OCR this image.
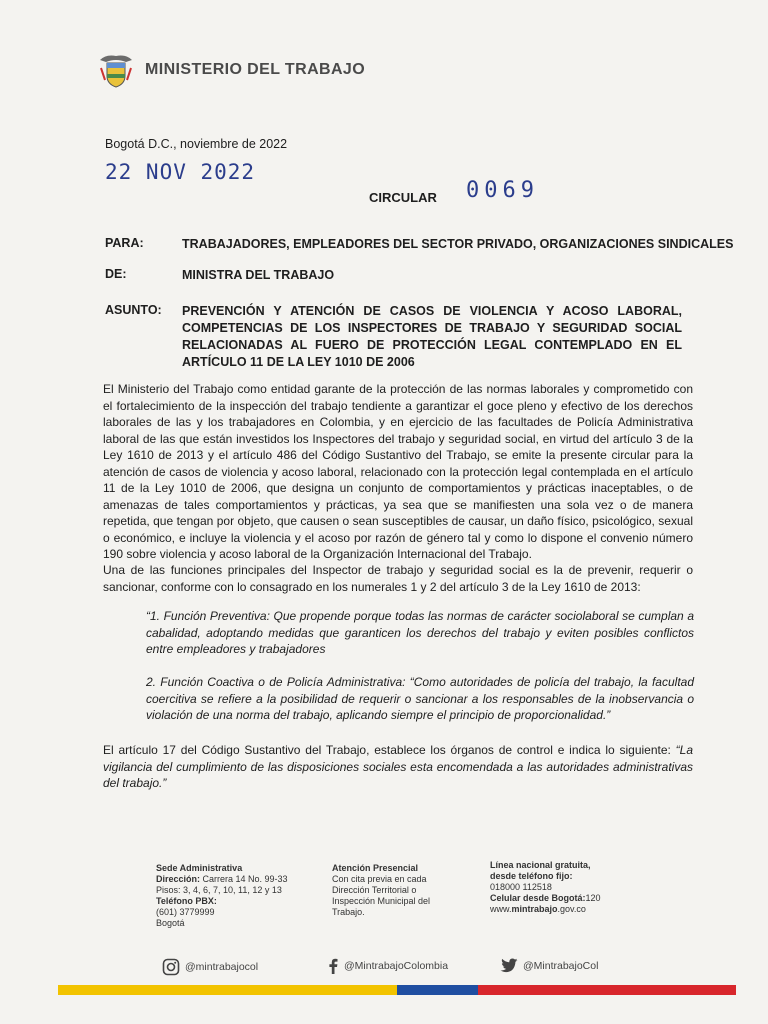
MINISTERIO DEL TRABAJO
Bogotá D.C., noviembre de 2022
22 NOV 2022
CIRCULAR 0069
PARA:	TRABAJADORES, EMPLEADORES DEL SECTOR PRIVADO, ORGANIZACIONES SINDICALES
DE:	MINISTRA DEL TRABAJO
ASUNTO:	PREVENCIÓN Y ATENCIÓN DE CASOS DE VIOLENCIA Y ACOSO LABORAL, COMPETENCIAS DE LOS INSPECTORES DE TRABAJO Y SEGURIDAD SOCIAL RELACIONADAS AL FUERO DE PROTECCIÓN LEGAL CONTEMPLADO EN EL ARTÍCULO 11 DE LA LEY 1010 DE 2006
El Ministerio del Trabajo como entidad garante de la protección de las normas laborales y comprometido con el fortalecimiento de la inspección del trabajo tendiente a garantizar el goce pleno y efectivo de los derechos laborales de las y los trabajadores en Colombia, y en ejercicio de las facultades de Policía Administrativa laboral de las que están investidos los Inspectores del trabajo y seguridad social, en virtud del artículo 3 de la Ley 1610 de 2013 y el artículo 486 del Código Sustantivo del Trabajo, se emite la presente circular para la atención de casos de violencia y acoso laboral, relacionado con la protección legal contemplada en el artículo 11 de la Ley 1010 de 2006, que designa un conjunto de comportamientos y prácticas inaceptables, o de amenazas de tales comportamientos y prácticas, ya sea que se manifiesten una sola vez o de manera repetida, que tengan por objeto, que causen o sean susceptibles de causar, un daño físico, psicológico, sexual o económico, e incluye la violencia y el acoso por razón de género tal y como lo dispone el convenio número 190 sobre violencia y acoso laboral de la Organización Internacional del Trabajo.
Una de las funciones principales del Inspector de trabajo y seguridad social es la de prevenir, requerir o sancionar, conforme con lo consagrado en los numerales 1 y 2 del artículo 3 de la Ley 1610 de 2013:
“1. Función Preventiva: Que propende porque todas las normas de carácter sociolaboral se cumplan a cabalidad, adoptando medidas que garanticen los derechos del trabajo y eviten posibles conflictos entre empleadores y trabajadores
2. Función Coactiva o de Policía Administrativa: “Como autoridades de policía del trabajo, la facultad coercitiva se refiere a la posibilidad de requerir o sancionar a los responsables de la inobservancia o violación de una norma del trabajo, aplicando siempre el principio de proporcionalidad.”
El artículo 17 del Código Sustantivo del Trabajo, establece los órganos de control e indica lo siguiente: “La vigilancia del cumplimiento de las disposiciones sociales esta encomendada a las autoridades administrativas del trabajo.”
Sede Administrativa
Dirección: Carrera 14 No. 99-33
Pisos: 3, 4, 6, 7, 10, 11, 12 y 13
Teléfono PBX:
(601) 3779999
Bogotá
Atención Presencial
Con cita previa en cada
Dirección Territorial o
Inspección Municipal del
Trabajo.
Línea nacional gratuita,
desde teléfono fijo:
018000 112518
Celular desde Bogotá:120
www.mintrabajo.gov.co
@mintrabajocol	@MintrabajoColombia	@MintrabajoCol
